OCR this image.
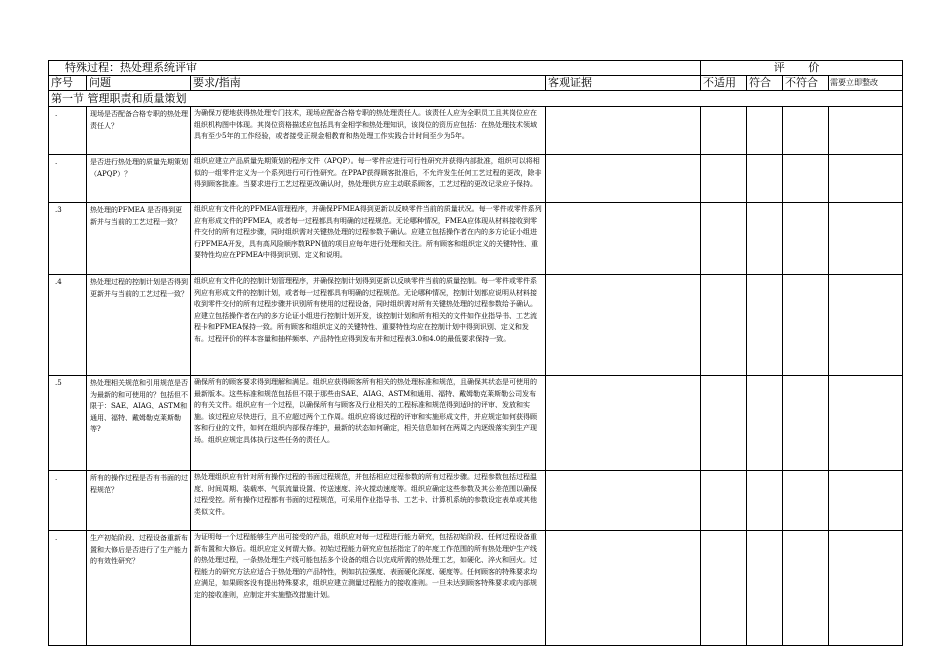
特殊过程：热处理系统评审				评 价			
序号	问题	要求/指南	客观证据	不适用	符合	不符合	需要立即整改
第一节 管理职责和质量策划							
.	现场是否配备合格专职的热处理责任人？	为确保万便地获得热处理专门技术，现场应配备合格专职的热处理责任人。该责任人应为全职员工且其岗位应在组织机构图中体现。其岗位资格描述应包括具有金相学和热处理知识，该岗位的资历应包括：在热处理技术领域具有至少5年的工作经验，或者接受正规金相教育和热处理工作实践合计时间至少为5年。					
.	是否进行热处理的质量先期策划（APQP）？	组织应建立产品质量先期策划的程序文件（APQP）。每一零件应进行可行性研究并获得内部批准，组织可以将相似的一组零件定义为一个系列进行可行性研究。在PPAP获得顾客批准后，不允许发生任何工艺过程的更改，除非得到顾客批准。当要求进行工艺过程更改确认时，热处理供方应主动联系顾客，工艺过程的更改记录应予保持。					
.3	热处理的PFMEA 是否得到更新并与当前的工艺过程一致？	组织应有文件化的PFMEA管理程序，并确保PFMEA得到更新以反映零件当前的质量状况。每一零件或零件系列应有形成文件的PFMEA，或者每一过程都具有明确的过程规范。无论哪种情况，FMEA应体现从材料接收到零件交付的所有过程步骤，同时组织需对关键热处理的过程参数予确认。应建立包括操作者在内的多方论证小组进行PFMEA开发，具有高风险顺序数RPN值的项目应每年进行处理和关注。所有顾客和组织定义的关键特性、重要特性均应在PFMEA中得到识别、定义和说明。					
.4	热处理过程的控制计划是否得到更新并与当前的工艺过程一致？	组织应有文件化的控制计划管理程序，并确保控制计划得到更新以反映零件当前的质量控制。每一零件或零件系列应有形成文件的控制计划，或者每一过程都具有明确的过程规范。无论哪种情况，控制计划都应说明从材料接收到零件交付的所有过程步骤并识别所有使用的过程设备，同时组织需对所有关键热处理的过程参数给予确认。应建立包括操作者在内的多方论证小组进行控制计划开发，该控制计划和所有相关的文件如作业指导书、工艺流程卡和PFMEA保持一致。所有顾客和组织定义的关键特性、重要特性均应在控制计划中得到识别、定义和发布。过程评价的样本容量和抽样频率、产品特性应得到发布并和过程表3.0和4.0的最低要求保持一致。					
.5	热处理相关规范和引用规范是否为最新的和可使用的？包括但不限于：SAE、AIAG、ASTM和通用、福特、戴姆勒克莱斯勒等?	确保所有的顾客要求得到理解和满足。组织应获得顾客所有相关的热处理标准和规范，且确保其状态是可使用的最新版本。这些标准和规范包括但不限于那些由SAE、AIAG、ASTM和通用、福特、戴姆勒克莱斯勒公司发布的有关文件。组织应有一个过程，以确保所有与顾客及行业相关的工程标准和规范得到适时的评审、发放和实施。该过程应尽快进行，且不应超过两个工作周。组织应将该过程的评审和实施形成文件，并应规定如何获得顾客和行业的文件，如何在组织内部保存维护，最新的状态如何确定，相关信息如何在两周之内逐级落实到生产现场。组织应规定具体执行这些任务的责任人。					
.	所有的操作过程是否有书面的过程规范？	热处理组织应有针对所有操作过程的书面过程规范，并包括相应过程参数的所有过程步骤。过程参数包括过程温度、时间周期、装载率、气氛流量设置、传送速度、淬火搅动速度等。组织应确定这些参数及其公差范围以确保过程受控。所有操作过程都有书面的过程规范，可采用作业指导书、工艺卡、计算机系统的参数设定表单或其他类似文件。					
.	生产初始阶段、过程设备重新布置和大修后是否进行了生产能力的有效性研究？	为证明每一个过程能够生产出可接受的产品，组织应对每一过程进行能力研究，包括初始阶段、任何过程设备重新布置和大修后。组织应定义何谓大修。初始过程能力研究应包括指定了的年度工作范围的所有热处理炉生产线的热处理过程，一条热处理生产线可能包括多个设备的组合以完成所需的热处理工艺，如硬化、淬火和回火。过程能力的研究方法应适合于热处理的产品特性，例如抗拉强度、表面硬化深度、硬度等。任何顾客的特殊要求均应满足，如果顾客没有提出特殊要求，组织应建立测量过程能力的接收准则。一旦未达到顾客特殊要求或内部规定的接收准则，应制定并实施整改措施计划。					
